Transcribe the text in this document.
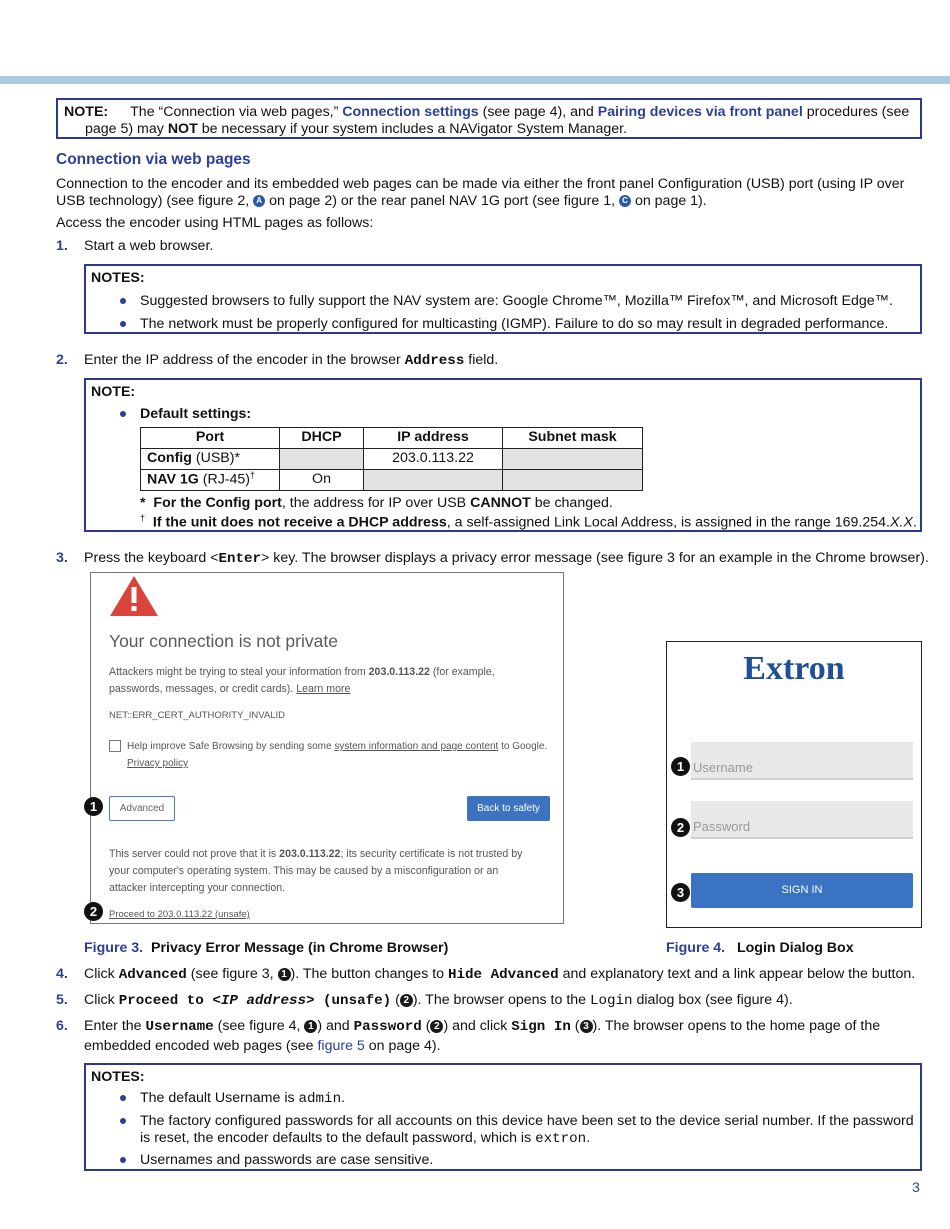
NOTE: The “Connection via web pages,” Connection settings (see page 4), and Pairing devices via front panel procedures (see
page 5) may NOT be necessary if your system includes a NAVigator System Manager.
Connection via web pages
Connection to the encoder and its embedded web pages can be made via either the front panel Configuration (USB) port (using IP over
USB technology) (see figure 2, A on page 2) or the rear panel NAV 1G port (see figure 1, C on page 1).
Access the encoder using HTML pages as follows:
1. Start a web browser.
NOTES:
Suggested browsers to fully support the NAV system are: Google Chrome™, Mozilla™ Firefox™, and Microsoft Edge™.
The network must be properly configured for multicasting (IGMP). Failure to do so may result in degraded performance.
2. Enter the IP address of the encoder in the browser Address field.
NOTE:
Default settings:
Port	DHCP	IP address	Subnet mask
Config (USB)*		203.0.113.22	
NAV 1G (RJ-45)†	On		
* For the Config port, the address for IP over USB CANNOT be changed.
† If the unit does not receive a DHCP address, a self-assigned Link Local Address, is assigned in the range 169.254.X.X.
3. Press the keyboard <Enter> key. The browser displays a privacy error message (see figure 3 for an example in the Chrome browser).
Your connection is not private
Attackers might be trying to steal your information from 203.0.113.22 (for example,
passwords, messages, or credit cards). Learn more
NET::ERR_CERT_AUTHORITY_INVALID
Help improve Safe Browsing by sending some system information and page content to Google.
Privacy policy
Advanced	Back to safety
This server could not prove that it is 203.0.113.22; its security certificate is not trusted by
your computer's operating system. This may be caused by a misconfiguration or an
attacker intercepting your connection.
Proceed to 203.0.113.22 (unsafe)
1
2
Extron
Username
Password
SIGN IN
1
2
3
Figure 3. Privacy Error Message (in Chrome Browser)	Figure 4. Login Dialog Box
4. Click Advanced (see figure 3, 1 ). The button changes to Hide Advanced and explanatory text and a link appear below the button.
5. Click Proceed to <IP address> (unsafe) ( 2 ). The browser opens to the Login dialog box (see figure 4).
6. Enter the Username (see figure 4, 1 ) and Password ( 2 ) and click Sign In ( 3 ). The browser opens to the home page of the
embedded encoded web pages (see figure 5 on page 4).
NOTES:
The default Username is admin.
The factory configured passwords for all accounts on this device have been set to the device serial number. If the password
is reset, the encoder defaults to the default password, which is extron.
Usernames and passwords are case sensitive.
3
